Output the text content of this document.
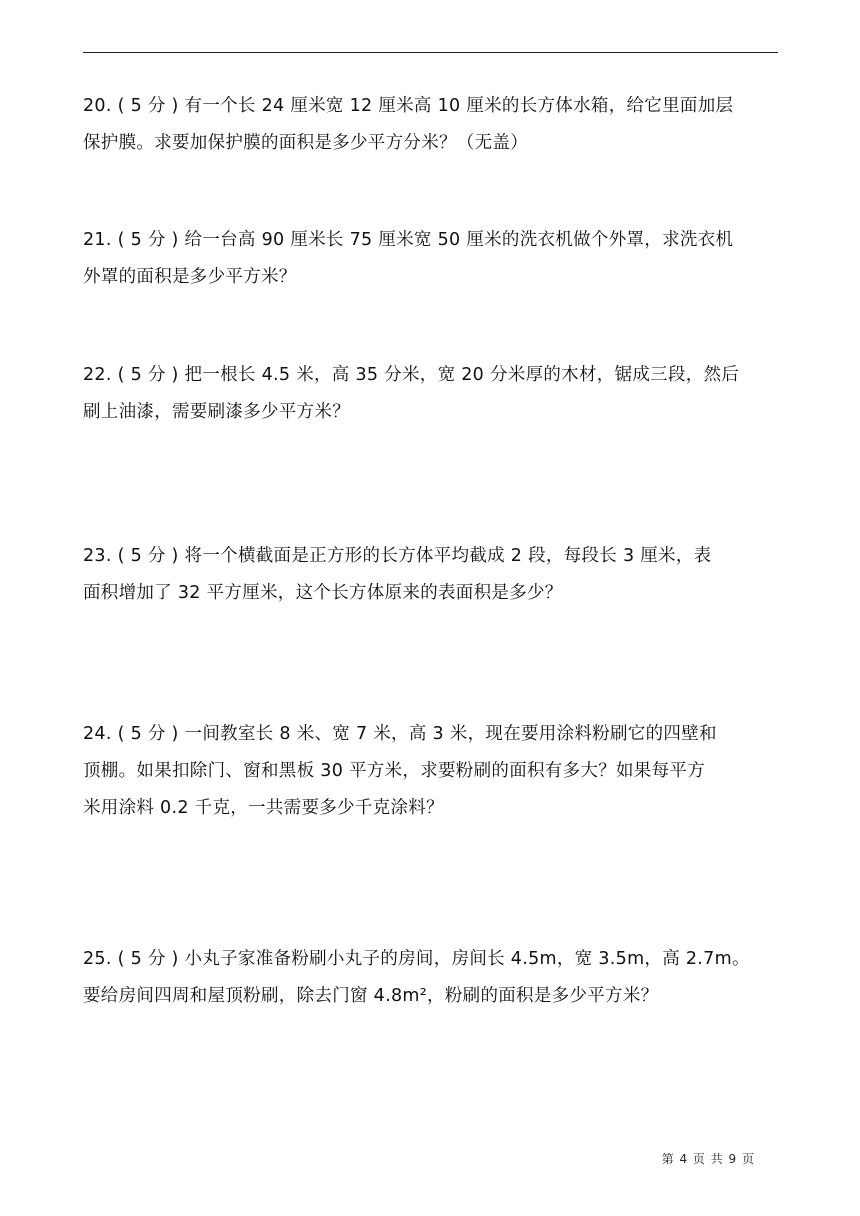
20. ( 5 分 ) 有一个长 24 厘米宽 12 厘米高 10 厘米的长方体水箱，给它里面加层
保护膜。求要加保护膜的面积是多少平方分米？（无盖）
21. ( 5 分 ) 给一台高 90 厘米长 75 厘米宽 50 厘米的洗衣机做个外罩，求洗衣机
外罩的面积是多少平方米？
22. ( 5 分 ) 把一根长 4.5 米，高 35 分米，宽 20 分米厚的木材，锯成三段，然后
刷上油漆，需要刷漆多少平方米？
23. ( 5 分 ) 将一个横截面是正方形的长方体平均截成 2 段，每段长 3 厘米，表
面积增加了 32 平方厘米，这个长方体原来的表面积是多少？
24. ( 5 分 ) 一间教室长 8 米、宽 7 米，高 3 米，现在要用涂料粉刷它的四壁和
顶棚。如果扣除门、窗和黑板 30 平方米，求要粉刷的面积有多大？如果每平方
米用涂料 0.2 千克，一共需要多少千克涂料？
25. ( 5 分 ) 小丸子家准备粉刷小丸子的房间，房间长 4.5m，宽 3.5m，高 2.7m。
要给房间四周和屋顶粉刷，除去门窗 4.8m²，粉刷的面积是多少平方米？
第 4 页 共 9 页
